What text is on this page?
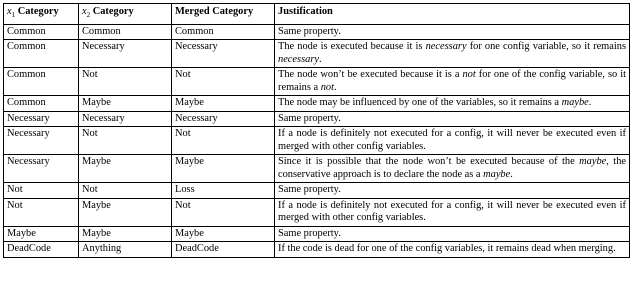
$x_1$ Category	$x_2$ Category	Merged Category	Justification
Common	Common	Common	Same property.
Common	Necessary	Necessary	The node is executed because it is necessary for one config variable, so it remains necessary.
Common	Not	Not	The node won’t be executed because it is a not for one of the config variable, so it remains a not.
Common	Maybe	Maybe	The node may be influenced by one of the variables, so it remains a maybe.
Necessary	Necessary	Necessary	Same property.
Necessary	Not	Not	If a node is definitely not executed for a config, it will never be executed even if merged with other config variables.
Necessary	Maybe	Maybe	Since it is possible that the node won’t be executed because of the maybe, the conservative approach is to declare the node as a maybe.
Not	Not	Loss	Same property.
Not	Maybe	Not	If a node is definitely not executed for a config, it will never be executed even if merged with other config variables.
Maybe	Maybe	Maybe	Same property.
DeadCode	Anything	DeadCode	If the code is dead for one of the config variables, it remains dead when merging.
